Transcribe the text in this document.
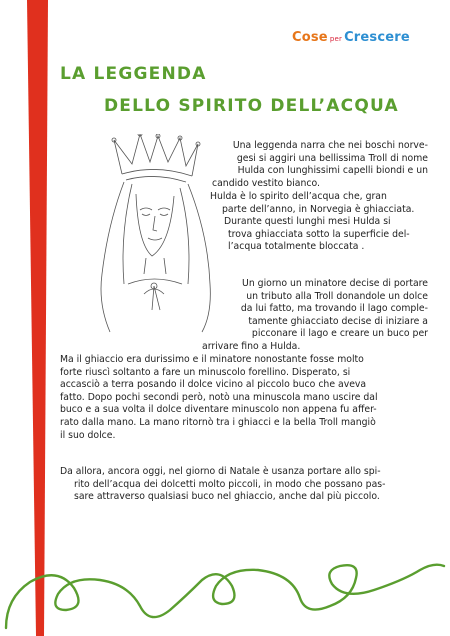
Cose per Crescere
LA LEGGENDA
DELLO SPIRITO DELL’ACQUA
Una leggenda narra che nei boschi norve-
gesi si aggiri una bellissima Troll di nome
Hulda con lunghissimi capelli biondi e un
candido vestito bianco.
Hulda è lo spirito dell’acqua che, gran
parte dell’anno, in Norvegia è ghiacciata.
Durante questi lunghi mesi Hulda si
trova ghiacciata sotto la superficie del-
l’acqua totalmente bloccata .
Un giorno un minatore decise di portare
un tributo alla Troll donandole un dolce
da lui fatto, ma trovando il lago comple-
tamente ghiacciato decise di iniziare a
picconare il lago e creare un buco per
arrivare fino a Hulda.
Ma il ghiaccio era durissimo e il minatore nonostante fosse molto
forte riuscì soltanto a fare un minuscolo forellino. Disperato, si
accasciò a terra posando il dolce vicino al piccolo buco che aveva
fatto. Dopo pochi secondi però, notò una minuscola mano uscire dal
buco e a sua volta il dolce diventare minuscolo non appena fu affer-
rato dalla mano. La mano ritornò tra i ghiacci e la bella Troll mangiò
il suo dolce.
Da allora, ancora oggi, nel giorno di Natale è usanza portare allo spi-
rito dell’acqua dei dolcetti molto piccoli, in modo che possano pas-
sare attraverso qualsiasi buco nel ghiaccio, anche dal più piccolo.
